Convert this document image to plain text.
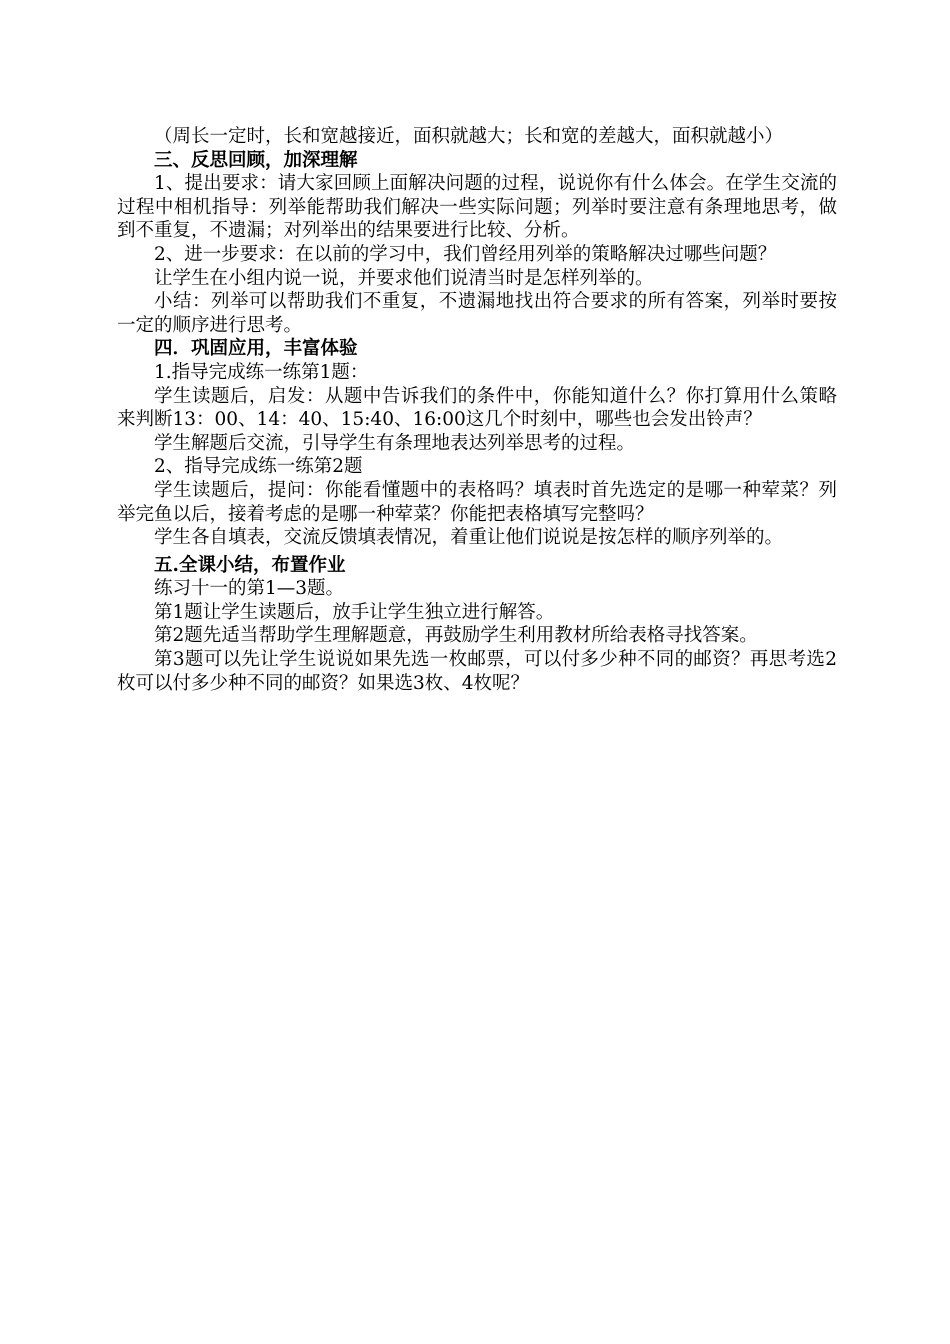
（周长一定时，长和宽越接近，面积就越大；长和宽的差越大，面积就越小）

三、反思回顾，加深理解

1、提出要求：请大家回顾上面解决问题的过程，说说你有什么体会。在学生交流的过程中相机指导：列举能帮助我们解决一些实际问题；列举时要注意有条理地思考，做到不重复，不遗漏；对列举出的结果要进行比较、分析。

2、进一步要求：在以前的学习中，我们曾经用列举的策略解决过哪些问题？

让学生在小组内说一说，并要求他们说清当时是怎样列举的。

小结：列举可以帮助我们不重复，不遗漏地找出符合要求的所有答案，列举时要按一定的顺序进行思考。

四．巩固应用，丰富体验

1.指导完成练一练第1题：

学生读题后，启发：从题中告诉我们的条件中，你能知道什么？你打算用什么策略来判断13：00、14：40、15:40、16:00这几个时刻中，哪些也会发出铃声？

学生解题后交流，引导学生有条理地表达列举思考的过程。

2、指导完成练一练第2题

学生读题后，提问：你能看懂题中的表格吗？填表时首先选定的是哪一种荤菜？列举完鱼以后，接着考虑的是哪一种荤菜？你能把表格填写完整吗？

学生各自填表，交流反馈填表情况，着重让他们说说是按怎样的顺序列举的。

五.全课小结，布置作业

练习十一的第1—3题。

第1题让学生读题后，放手让学生独立进行解答。

第2题先适当帮助学生理解题意，再鼓励学生利用教材所给表格寻找答案。

第3题可以先让学生说说如果先选一枚邮票，可以付多少种不同的邮资？再思考选2枚可以付多少种不同的邮资？如果选3枚、4枚呢？
